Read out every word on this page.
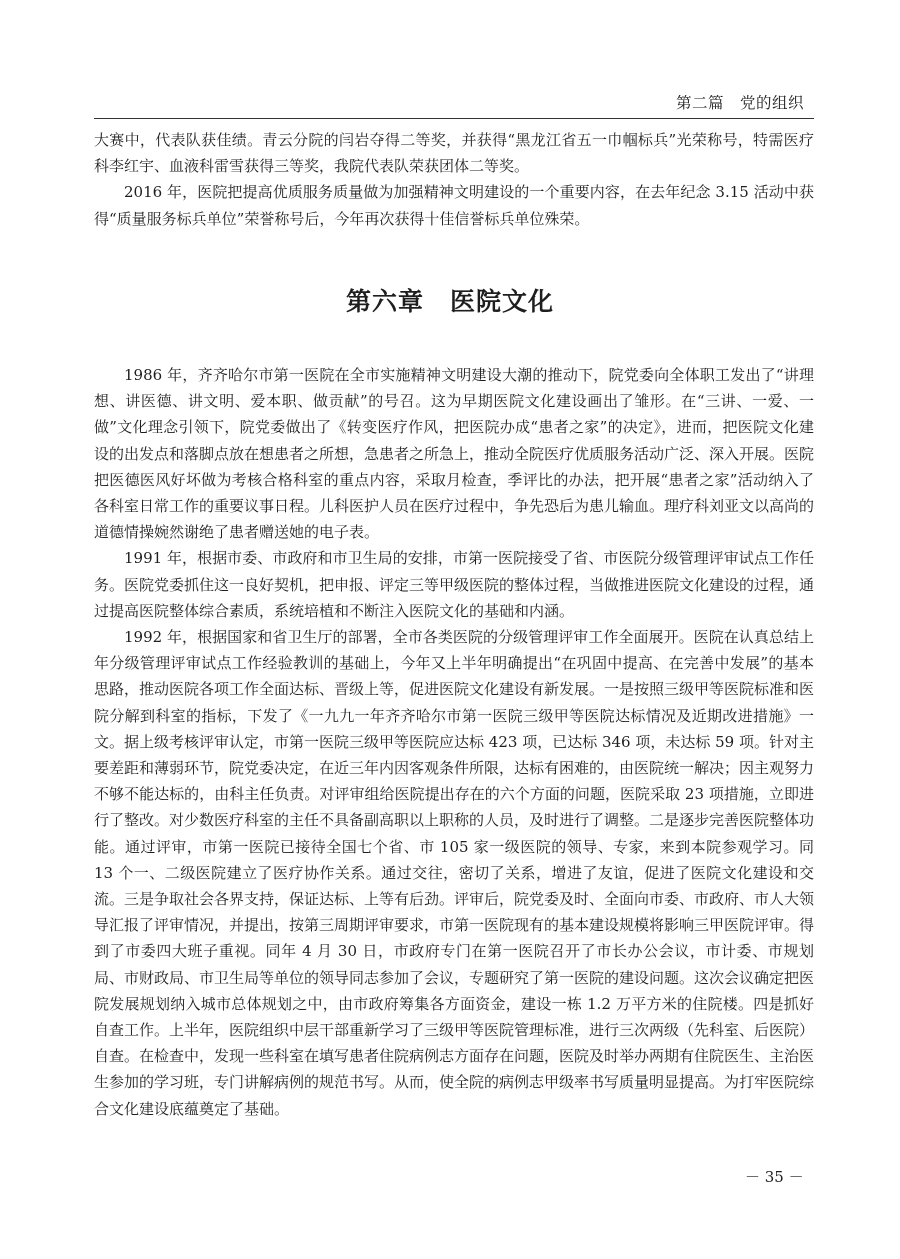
第二篇　党的组织

大赛中，代表队获佳绩。青云分院的闫岩夺得二等奖，并获得“黑龙江省五一巾帼标兵”光荣称号，特需医疗科李红宇、血液科雷雪获得三等奖，我院代表队荣获团体二等奖。

2016 年，医院把提高优质服务质量做为加强精神文明建设的一个重要内容，在去年纪念 3.15 活动中获得“质量服务标兵单位”荣誉称号后，今年再次获得十佳信誉标兵单位殊荣。

第六章　医院文化

1986 年，齐齐哈尔市第一医院在全市实施精神文明建设大潮的推动下，院党委向全体职工发出了“讲理想、讲医德、讲文明、爱本职、做贡献”的号召。这为早期医院文化建设画出了雏形。在“三讲、一爱、一做”文化理念引领下，院党委做出了《转变医疗作风，把医院办成“患者之家”的决定》，进而，把医院文化建设的出发点和落脚点放在想患者之所想，急患者之所急上，推动全院医疗优质服务活动广泛、深入开展。医院把医德医风好坏做为考核合格科室的重点内容，采取月检查，季评比的办法，把开展“患者之家”活动纳入了各科室日常工作的重要议事日程。儿科医护人员在医疗过程中，争先恐后为患儿输血。理疗科刘亚文以高尚的道德情操婉然谢绝了患者赠送她的电子表。

1991 年，根据市委、市政府和市卫生局的安排，市第一医院接受了省、市医院分级管理评审试点工作任务。医院党委抓住这一良好契机，把申报、评定三等甲级医院的整体过程，当做推进医院文化建设的过程，通过提高医院整体综合素质，系统培植和不断注入医院文化的基础和内涵。

1992 年，根据国家和省卫生厅的部署，全市各类医院的分级管理评审工作全面展开。医院在认真总结上年分级管理评审试点工作经验教训的基础上，今年又上半年明确提出“在巩固中提高、在完善中发展”的基本思路，推动医院各项工作全面达标、晋级上等，促进医院文化建设有新发展。一是按照三级甲等医院标准和医院分解到科室的指标，下发了《一九九一年齐齐哈尔市第一医院三级甲等医院达标情况及近期改进措施》一文。据上级考核评审认定，市第一医院三级甲等医院应达标 423 项，已达标 346 项，未达标 59 项。针对主要差距和薄弱环节，院党委决定，在近三年内因客观条件所限，达标有困难的，由医院统一解决；因主观努力不够不能达标的，由科主任负责。对评审组给医院提出存在的六个方面的问题，医院采取 23 项措施，立即进行了整改。对少数医疗科室的主任不具备副高职以上职称的人员，及时进行了调整。二是逐步完善医院整体功能。通过评审，市第一医院已接待全国七个省、市 105 家一级医院的领导、专家，来到本院参观学习。同 13 个一、二级医院建立了医疗协作关系。通过交往，密切了关系，增进了友谊，促进了医院文化建设和交流。三是争取社会各界支持，保证达标、上等有后劲。评审后，院党委及时、全面向市委、市政府、市人大领导汇报了评审情况，并提出，按第三周期评审要求，市第一医院现有的基本建设规模将影响三甲医院评审。得到了市委四大班子重视。同年 4 月 30 日，市政府专门在第一医院召开了市长办公会议，市计委、市规划局、市财政局、市卫生局等单位的领导同志参加了会议，专题研究了第一医院的建设问题。这次会议确定把医院发展规划纳入城市总体规划之中，由市政府筹集各方面资金，建设一栋 1.2 万平方米的住院楼。四是抓好自查工作。上半年，医院组织中层干部重新学习了三级甲等医院管理标准，进行三次两级（先科室、后医院）自查。在检查中，发现一些科室在填写患者住院病例志方面存在问题，医院及时举办两期有住院医生、主治医生参加的学习班，专门讲解病例的规范书写。从而，使全院的病例志甲级率书写质量明显提高。为打牢医院综合文化建设底蕴奠定了基础。

－ 35 －
